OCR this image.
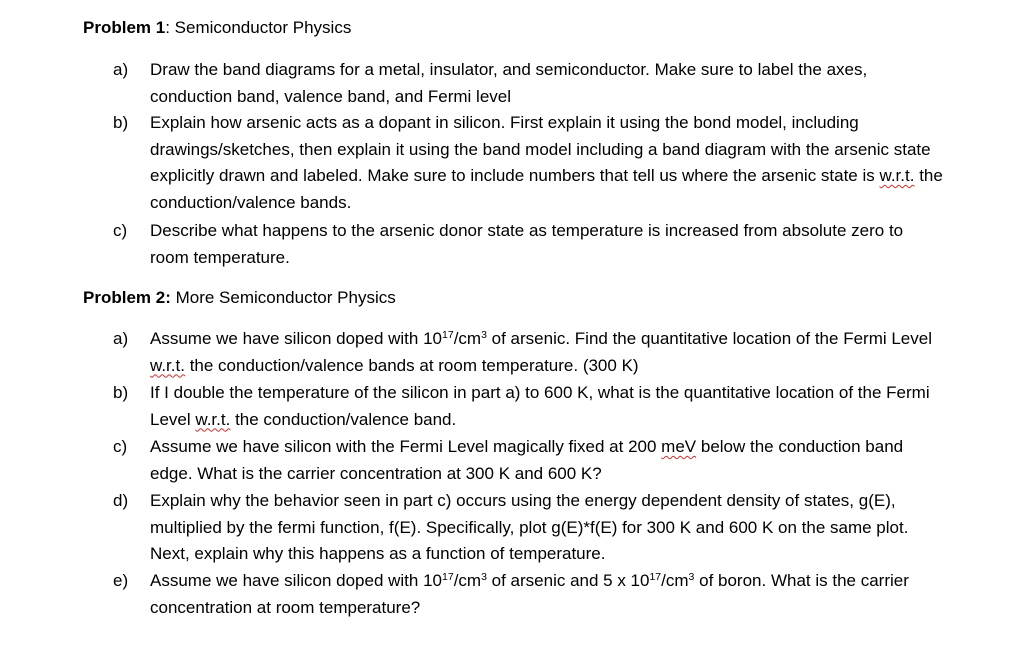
Problem 1: Semiconductor Physics
a)	Draw the band diagrams for a metal, insulator, and semiconductor. Make sure to label the axes, conduction band, valence band, and Fermi level
b)	Explain how arsenic acts as a dopant in silicon. First explain it using the bond model, including drawings/sketches, then explain it using the band model including a band diagram with the arsenic state explicitly drawn and labeled. Make sure to include numbers that tell us where the arsenic state is w.r.t. the conduction/valence bands.
c)	Describe what happens to the arsenic donor state as temperature is increased from absolute zero to room temperature.
Problem 2: More Semiconductor Physics
a)	Assume we have silicon doped with $10^{17}/cm^3$ of arsenic. Find the quantitative location of the Fermi Level w.r.t. the conduction/valence bands at room temperature. (300 K)
b)	If I double the temperature of the silicon in part a) to 600 K, what is the quantitative location of the Fermi Level w.r.t. the conduction/valence band.
c)	Assume we have silicon with the Fermi Level magically fixed at 200 meV below the conduction band edge. What is the carrier concentration at 300 K and 600 K?
d)	Explain why the behavior seen in part c) occurs using the energy dependent density of states, g(E), multiplied by the fermi function, f(E). Specifically, plot g(E)*f(E) for 300 K and 600 K on the same plot. Next, explain why this happens as a function of temperature.
e)	Assume we have silicon doped with $10^{17}/cm^3$ of arsenic and 5 x $10^{17}/cm^3$ of boron. What is the carrier concentration at room temperature?
